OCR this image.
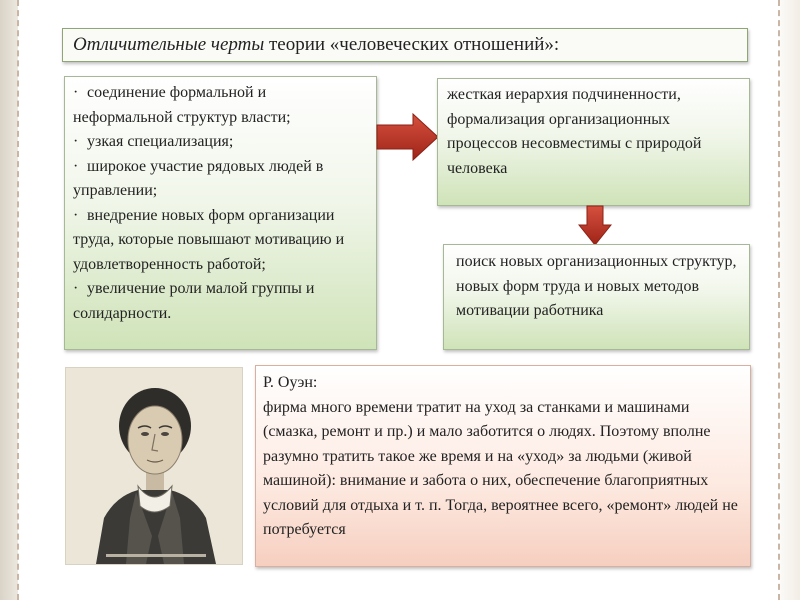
Отличительные черты теории «человеческих отношений»:
· соединение формальной и неформальной структур власти;
· узкая специализация;
· широкое участие рядовых людей в управлении;
· внедрение новых форм организации труда, которые повышают мотивацию и удовлетворенность работой;
· увеличение роли малой группы и солидарности.
жесткая иерархия подчиненности, формализация организационных процессов несовместимы с природой человека
поиск новых организационных структур, новых форм труда и новых методов мотивации работника
Р. Оуэн:
фирма много времени тратит на уход за станками и машинами (смазка, ремонт и пр.) и мало заботится о людях. Поэтому вполне разумно тратить такое же время и на «уход» за людьми (живой машиной): внимание и забота о них, обеспечение благоприятных условий для отдыха и т. п. Тогда, вероятнее всего, «ремонт» людей не потребуется
